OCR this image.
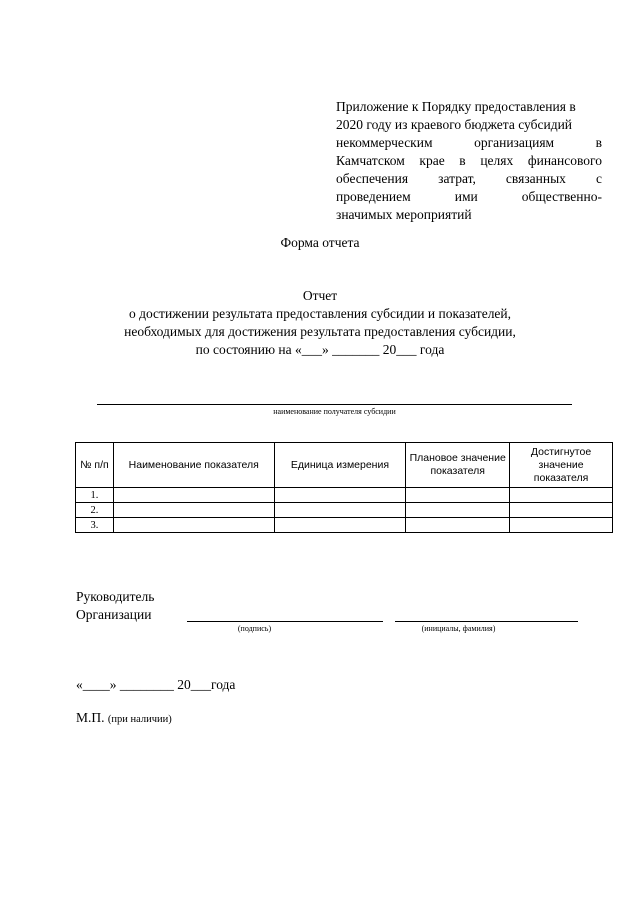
Приложение к Порядку предоставления в
2020 году из краевого бюджета субсидий
некоммерческим организациям в
Камчатском крае в целях финансового
обеспечения затрат, связанных с
проведением ими общественно-
значимых мероприятий
Форма отчета
Отчет
о достижении результата предоставления субсидии и показателей,
необходимых для достижения результата предоставления субсидии,
по состоянию на «___» _______ 20___ года
наименование получателя субсидии
№ п/п	Наименование показателя	Единица измерения	Плановое значение показателя	Достигнутое значение показателя
1.				
2.				
3.				
Руководитель
Организации
(подпись)	(инициалы, фамилия)
«____» ________ 20___года
М.П. (при наличии)
